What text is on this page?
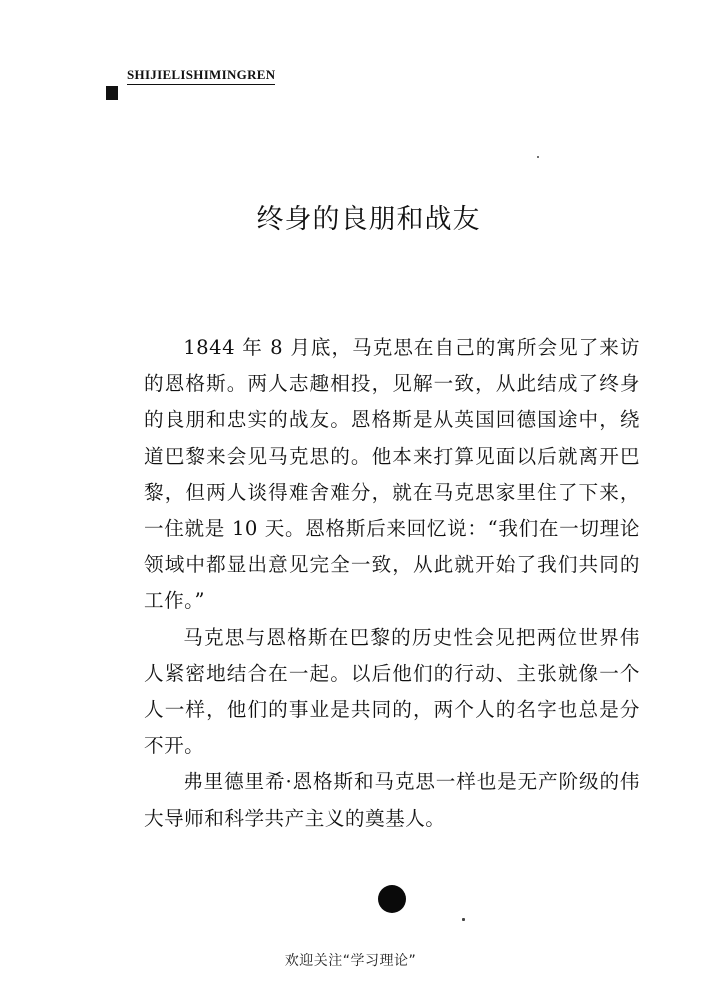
SHIJIELISHIMINGREN
终身的良朋和战友

1844 年 8 月底，马克思在自己的寓所会见了来访的恩格斯。两人志趣相投，见解一致，从此结成了终身的良朋和忠实的战友。恩格斯是从英国回德国途中，绕道巴黎来会见马克思的。他本来打算见面以后就离开巴黎，但两人谈得难舍难分，就在马克思家里住了下来，一住就是 10 天。恩格斯后来回忆说：“我们在一切理论领域中都显出意见完全一致，从此就开始了我们共同的工作。”

马克思与恩格斯在巴黎的历史性会见把两位世界伟人紧密地结合在一起。以后他们的行动、主张就像一个人一样，他们的事业是共同的，两个人的名字也总是分不开。

弗里德里希·恩格斯和马克思一样也是无产阶级的伟大导师和科学共产主义的奠基人。

欢迎关注“学习理论”
